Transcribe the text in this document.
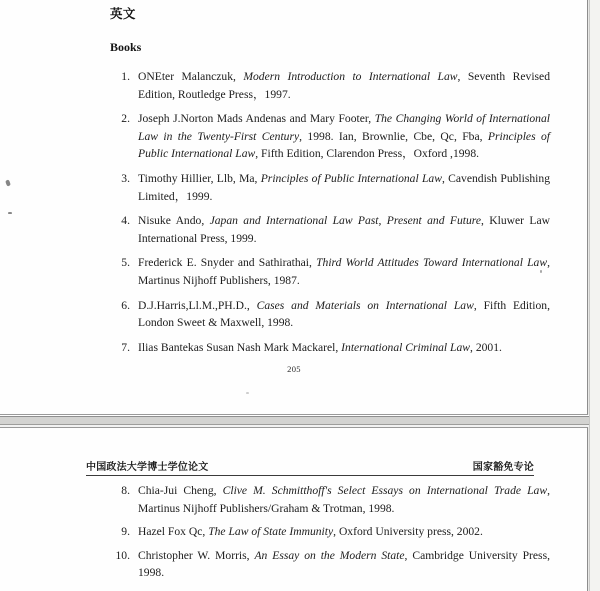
英文
Books
1. ONEter Malanczuk, Modern Introduction to International Law, Seventh Revised Edition, Routledge Press，1997.
2. Joseph J.Norton Mads Andenas and Mary Footer, The Changing World of International Law in the Twenty-First Century, 1998. Ian, Brownlie, Cbe, Qc, Fba, Principles of Public International Law, Fifth Edition, Clarendon Press，Oxford ,1998.
3. Timothy Hillier, Llb, Ma, Principles of Public International Law, Cavendish Publishing Limited，1999.
4. Nisuke Ando, Japan and International Law Past, Present and Future, Kluwer Law International Press, 1999.
5. Frederick E. Snyder and Sathirathai, Third World Attitudes Toward International Law, Martinus Nijhoff Publishers, 1987.
6. D.J.Harris,Ll.M.,PH.D., Cases and Materials on International Law, Fifth Edition, London Sweet & Maxwell, 1998.
7. Ilias Bantekas Susan Nash Mark Mackarel, International Criminal Law, 2001.
205
中国政法大学博士学位论文	国家豁免专论
8. Chia-Jui Cheng, Clive M. Schmitthoff's Select Essays on International Trade Law, Martinus Nijhoff Publishers/Graham & Trotman, 1998.
9. Hazel Fox Qc, The Law of State Immunity, Oxford University press, 2002.
10. Christopher W. Morris, An Essay on the Modern State, Cambridge University Press, 1998.
